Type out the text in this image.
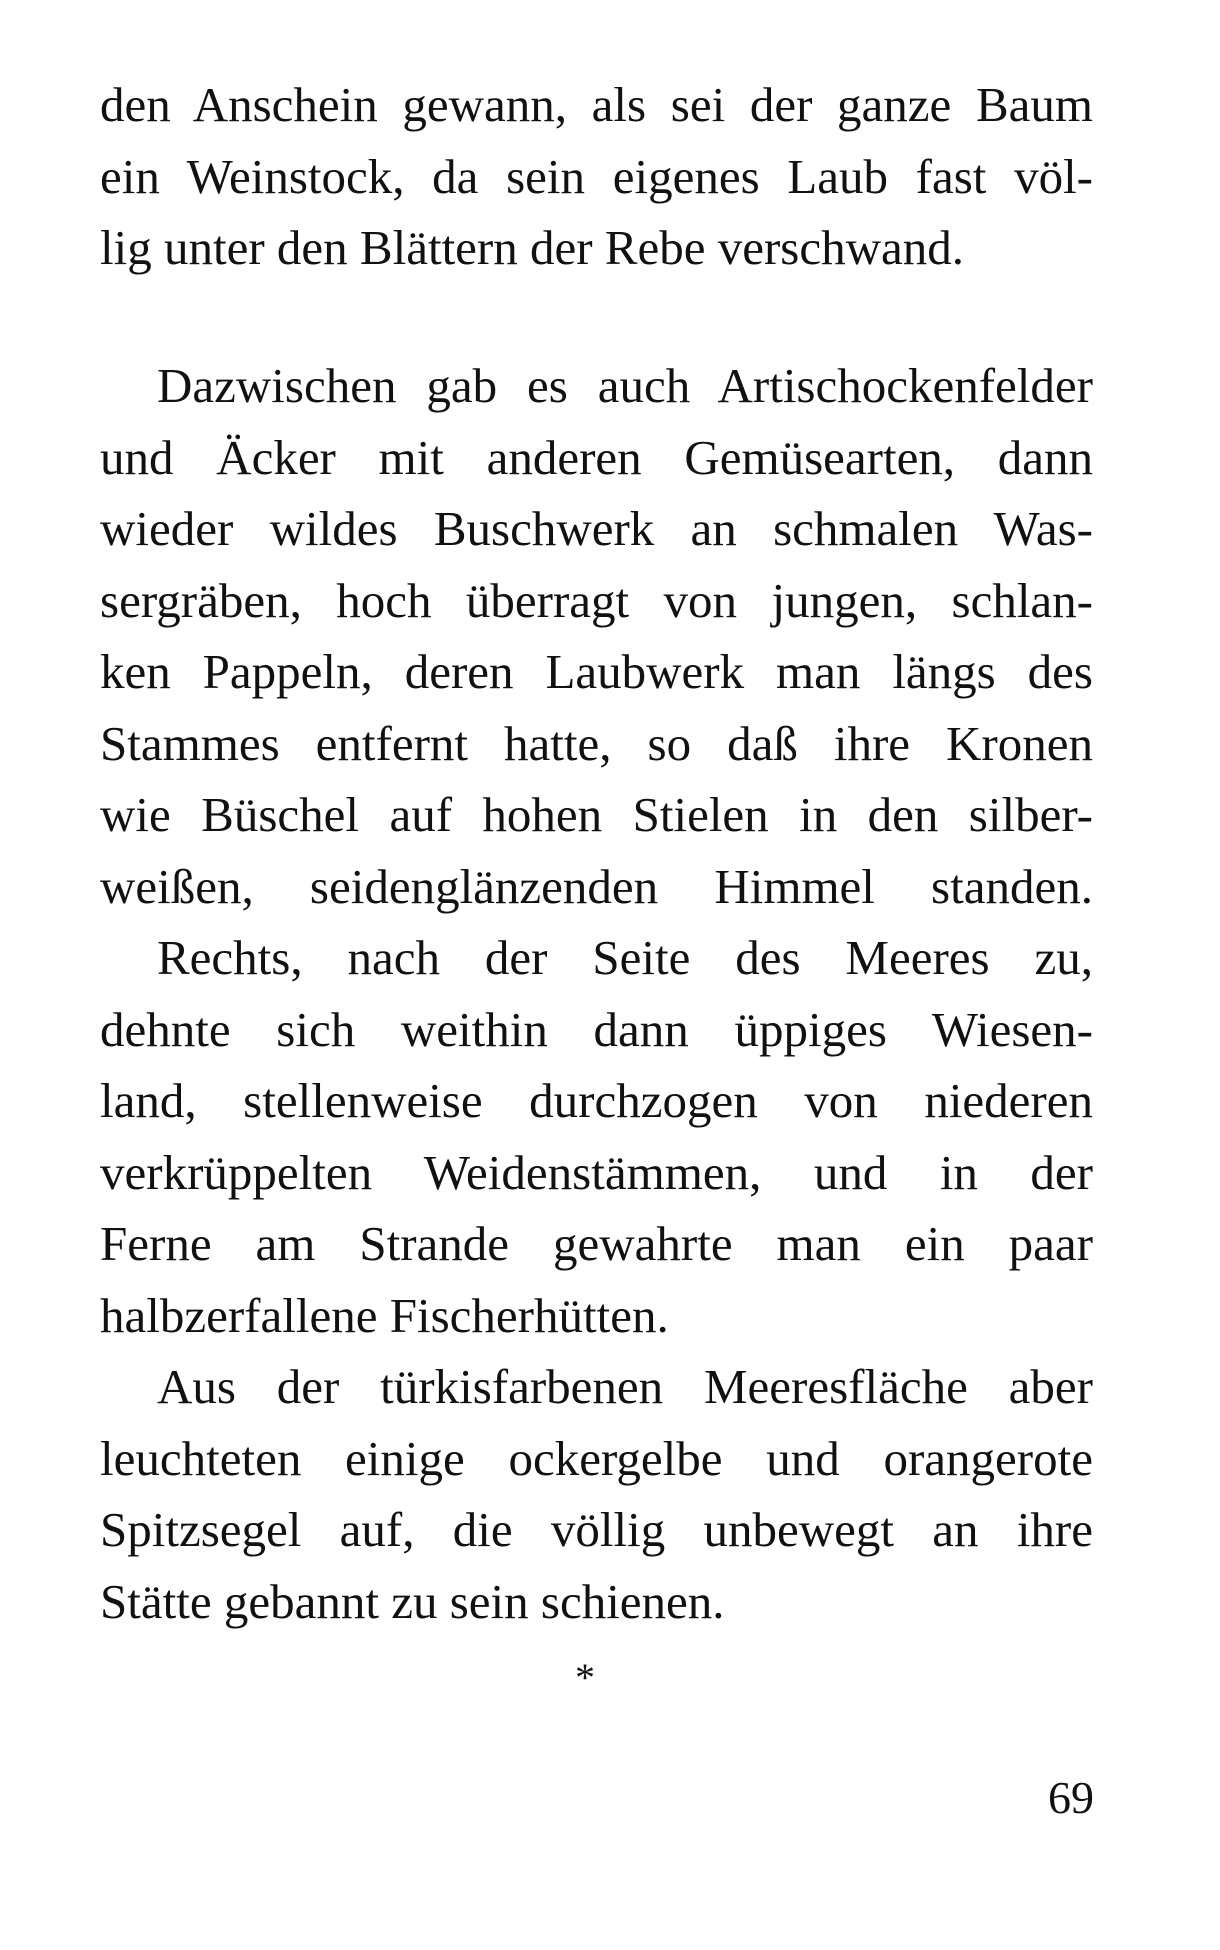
den Anschein gewann, als sei der ganze Baum
ein Weinstock, da sein eigenes Laub fast völ-
lig unter den Blättern der Rebe verschwand.
Dazwischen gab es auch Artischockenfelder
und Äcker mit anderen Gemüsearten, dann
wieder wildes Buschwerk an schmalen Was-
sergräben, hoch überragt von jungen, schlan-
ken Pappeln, deren Laubwerk man längs des
Stammes entfernt hatte, so daß ihre Kronen
wie Büschel auf hohen Stielen in den silber-
weißen, seidenglänzenden Himmel standen.
Rechts, nach der Seite des Meeres zu,
dehnte sich weithin dann üppiges Wiesen-
land, stellenweise durchzogen von niederen
verkrüppelten Weidenstämmen, und in der
Ferne am Strande gewahrte man ein paar
halbzerfallene Fischerhütten.
Aus der türkisfarbenen Meeresfläche aber
leuchteten einige ockergelbe und orangerote
Spitzsegel auf, die völlig unbewegt an ihre
Stätte gebannt zu sein schienen.
*
69
